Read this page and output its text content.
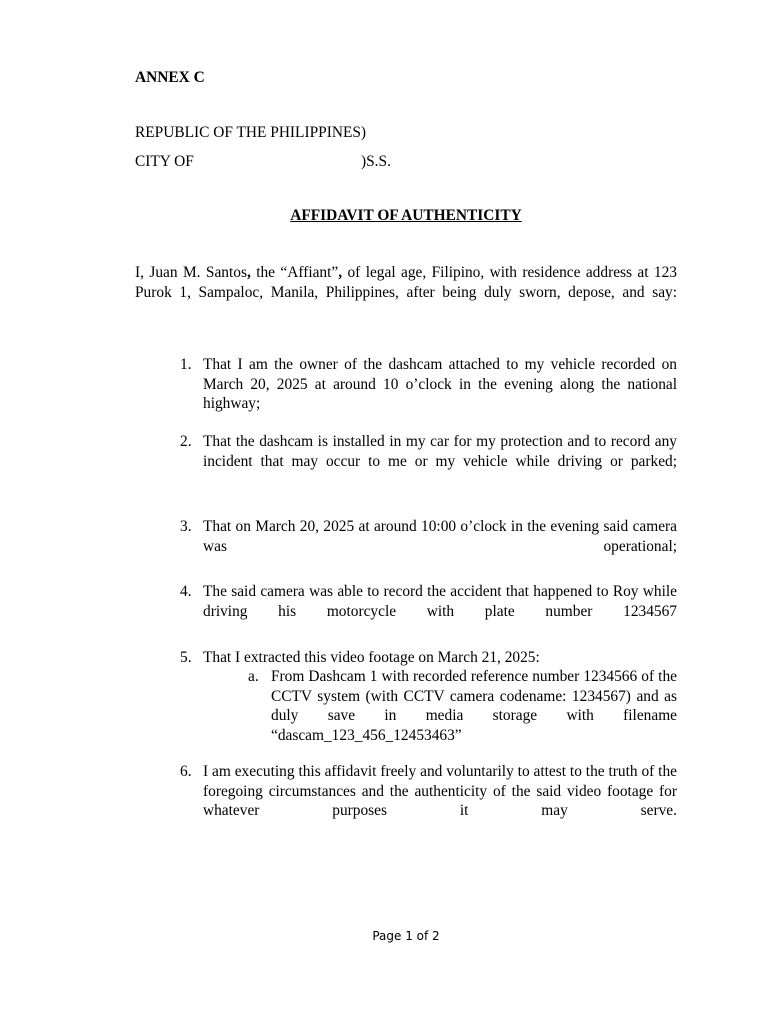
ANNEX C
REPUBLIC OF THE PHILIPPINES)
CITY OF	)S.S.
AFFIDAVIT OF AUTHENTICITY
I, Juan M. Santos, the “Affiant”, of legal age, Filipino, with residence address at 123 Purok 1, Sampaloc, Manila, Philippines, after being duly sworn, depose, and say:
1. That I am the owner of the dashcam attached to my vehicle recorded on March 20, 2025 at around 10 o’clock in the evening along the national highway;
2. That the dashcam is installed in my car for my protection and to record any incident that may occur to me or my vehicle while driving or parked;
3. That on March 20, 2025 at around 10:00 o’clock in the evening said camera was operational;
4. The said camera was able to record the accident that happened to Roy while driving his motorcycle with plate number 1234567
5. That I extracted this video footage on March 21, 2025:
a. From Dashcam 1 with recorded reference number 1234566 of the CCTV system (with CCTV camera codename: 1234567) and as duly save in media storage with filename “dascam_123_456_12453463”
6. I am executing this affidavit freely and voluntarily to attest to the truth of the foregoing circumstances and the authenticity of the said video footage for whatever purposes it may serve.
Page 1 of 2
